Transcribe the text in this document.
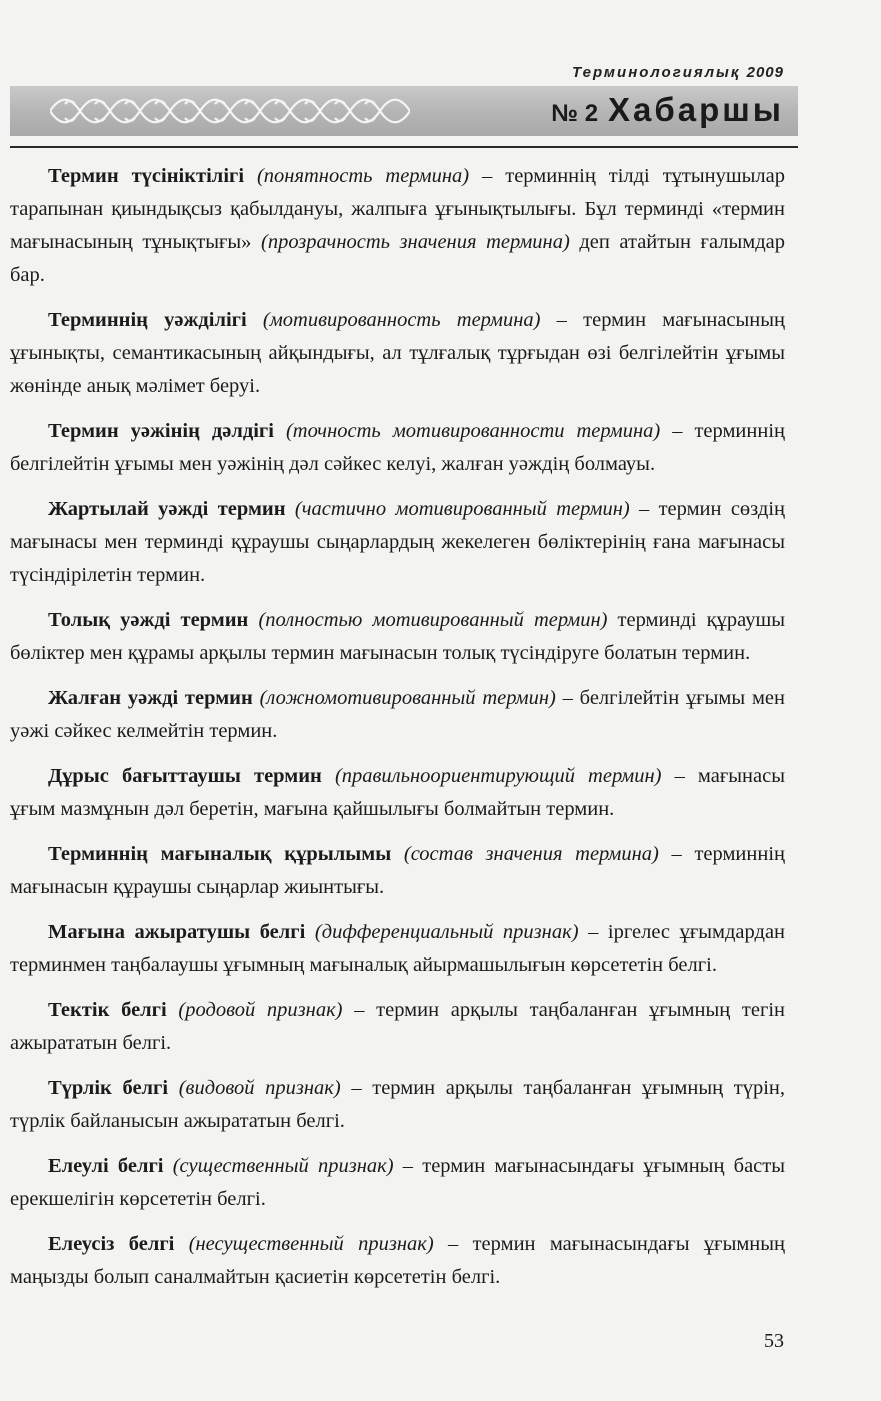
Терминологиялық 2009
№ 2 Хабаршы

Термин түсініктілігі (понятность термина) – терминнің тілді тұтынушылар тарапынан қиындықсыз қабылдануы, жалпыға ұғынықтылығы. Бұл терминді «термин мағынасының тұнықтығы» (прозрачность значения термина) деп атайтын ғалымдар бар.

Терминнің уәжділігі (мотивированность термина) – термин мағынасының ұғынықты, семантикасының айқындығы, ал тұлғалық тұрғыдан өзі белгілейтін ұғымы жөнінде анық мәлімет беруі.

Термин уәжінің дәлдігі (точность мотивированности термина) – терминнің белгілейтін ұғымы мен уәжінің дәл сәйкес келуі, жалған уәждің болмауы.

Жартылай уәжді термин (частично мотивированный термин) – термин сөздің мағынасы мен терминді құраушы сыңарлардың жекелеген бөліктерінің ғана мағынасы түсіндірілетін термин.

Толық уәжді термин (полностью мотивированный термин) терминді құраушы бөліктер мен құрамы арқылы термин мағынасын толық түсіндіруге болатын термин.

Жалған уәжді термин (ложномотивированный термин) – белгілейтін ұғымы мен уәжі сәйкес келмейтін термин.

Дұрыс бағыттаушы термин (правильноориентирующий термин) – мағынасы ұғым мазмұнын дәл беретін, мағына қайшылығы болмайтын термин.

Терминнің мағыналық құрылымы (состав значения термина) – терминнің мағынасын құраушы сыңарлар жиынтығы.

Мағына ажыратушы белгі (дифференциальный признак) – іргелес ұғымдардан терминмен таңбалаушы ұғымның мағыналық айырмашылығын көрсететін белгі.

Тектік белгі (родовой признак) – термин арқылы таңбаланған ұғымның тегін ажырататын белгі.

Түрлік белгі (видовой признак) – термин арқылы таңбаланған ұғымның түрін, түрлік байланысын ажырататын белгі.

Елеулі белгі (существенный признак) – термин мағынасындағы ұғымның басты ерекшелігін көрсететін белгі.

Елеусіз белгі (несущественный признак) – термин мағынасындағы ұғымның маңызды болып саналмайтын қасиетін көрсететін белгі.

53
